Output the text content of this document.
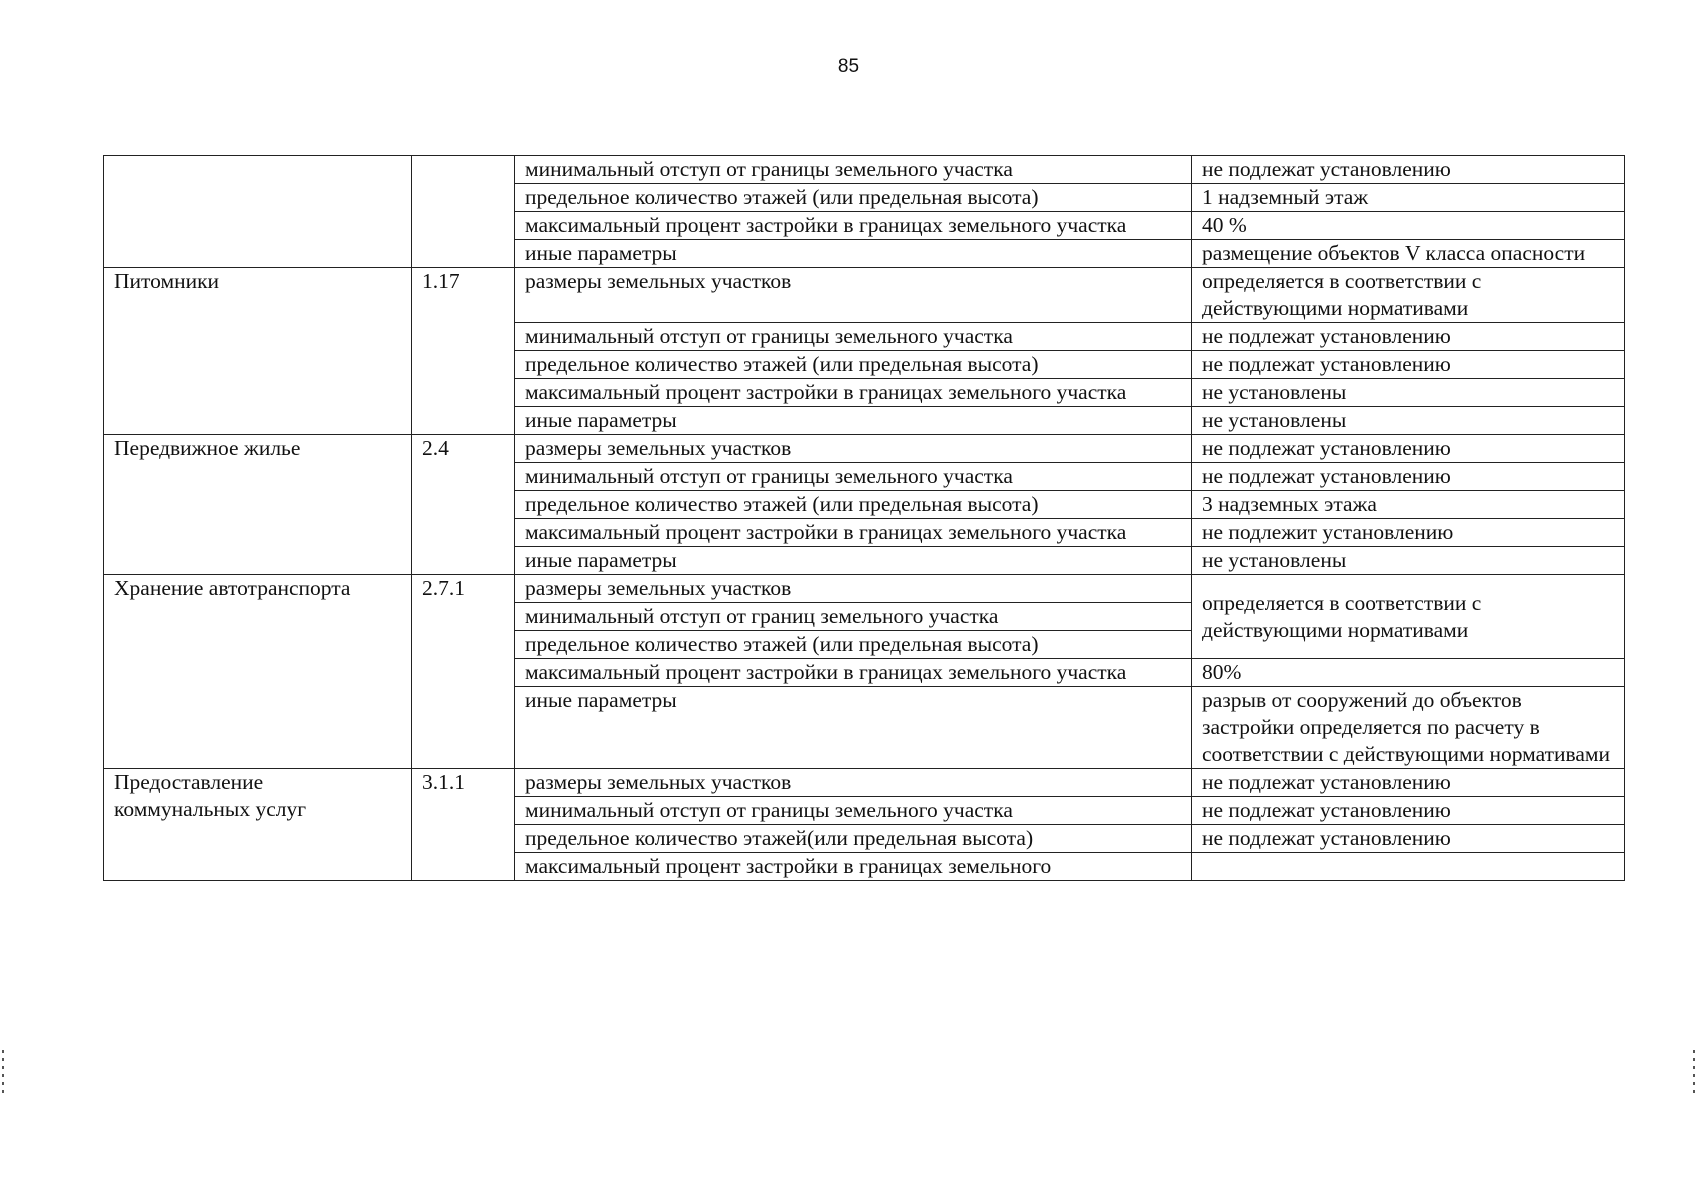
85
		минимальный отступ от границы земельного участка	не подлежат установлению
		предельное количество этажей (или предельная высота)	1 надземный этаж
		максимальный процент застройки в границах земельного участка	40 %
		иные параметры	размещение объектов V класса опасности
Питомники	1.17	размеры земельных участков	определяется в соответствии с действующими нормативами
		минимальный отступ от границы земельного участка	не подлежат установлению
		предельное количество этажей (или предельная высота)	не подлежат установлению
		максимальный процент застройки в границах земельного участка	не установлены
		иные параметры	не установлены
Передвижное жилье	2.4	размеры земельных участков	не подлежат установлению
		минимальный отступ от границы земельного участка	не подлежат установлению
		предельное количество этажей (или предельная высота)	3 надземных этажа
		максимальный процент застройки в границах земельного участка	не подлежит установлению
		иные параметры	не установлены
Хранение автотранспорта	2.7.1	размеры земельных участков	определяется в соответствии с действующими нормативами
		минимальный отступ от границ земельного участка	
		предельное количество этажей (или предельная высота)	
		максимальный процент застройки в границах земельного участка	80%
		иные параметры	разрыв от сооружений до объектов застройки определяется по расчету в соответствии с действующими нормативами
Предоставление коммунальных услуг	3.1.1	размеры земельных участков	не подлежат установлению
		минимальный отступ от границы земельного участка	не подлежат установлению
		предельное количество этажей(или предельная высота)	не подлежат установлению
		максимальный процент застройки в границах земельного	
